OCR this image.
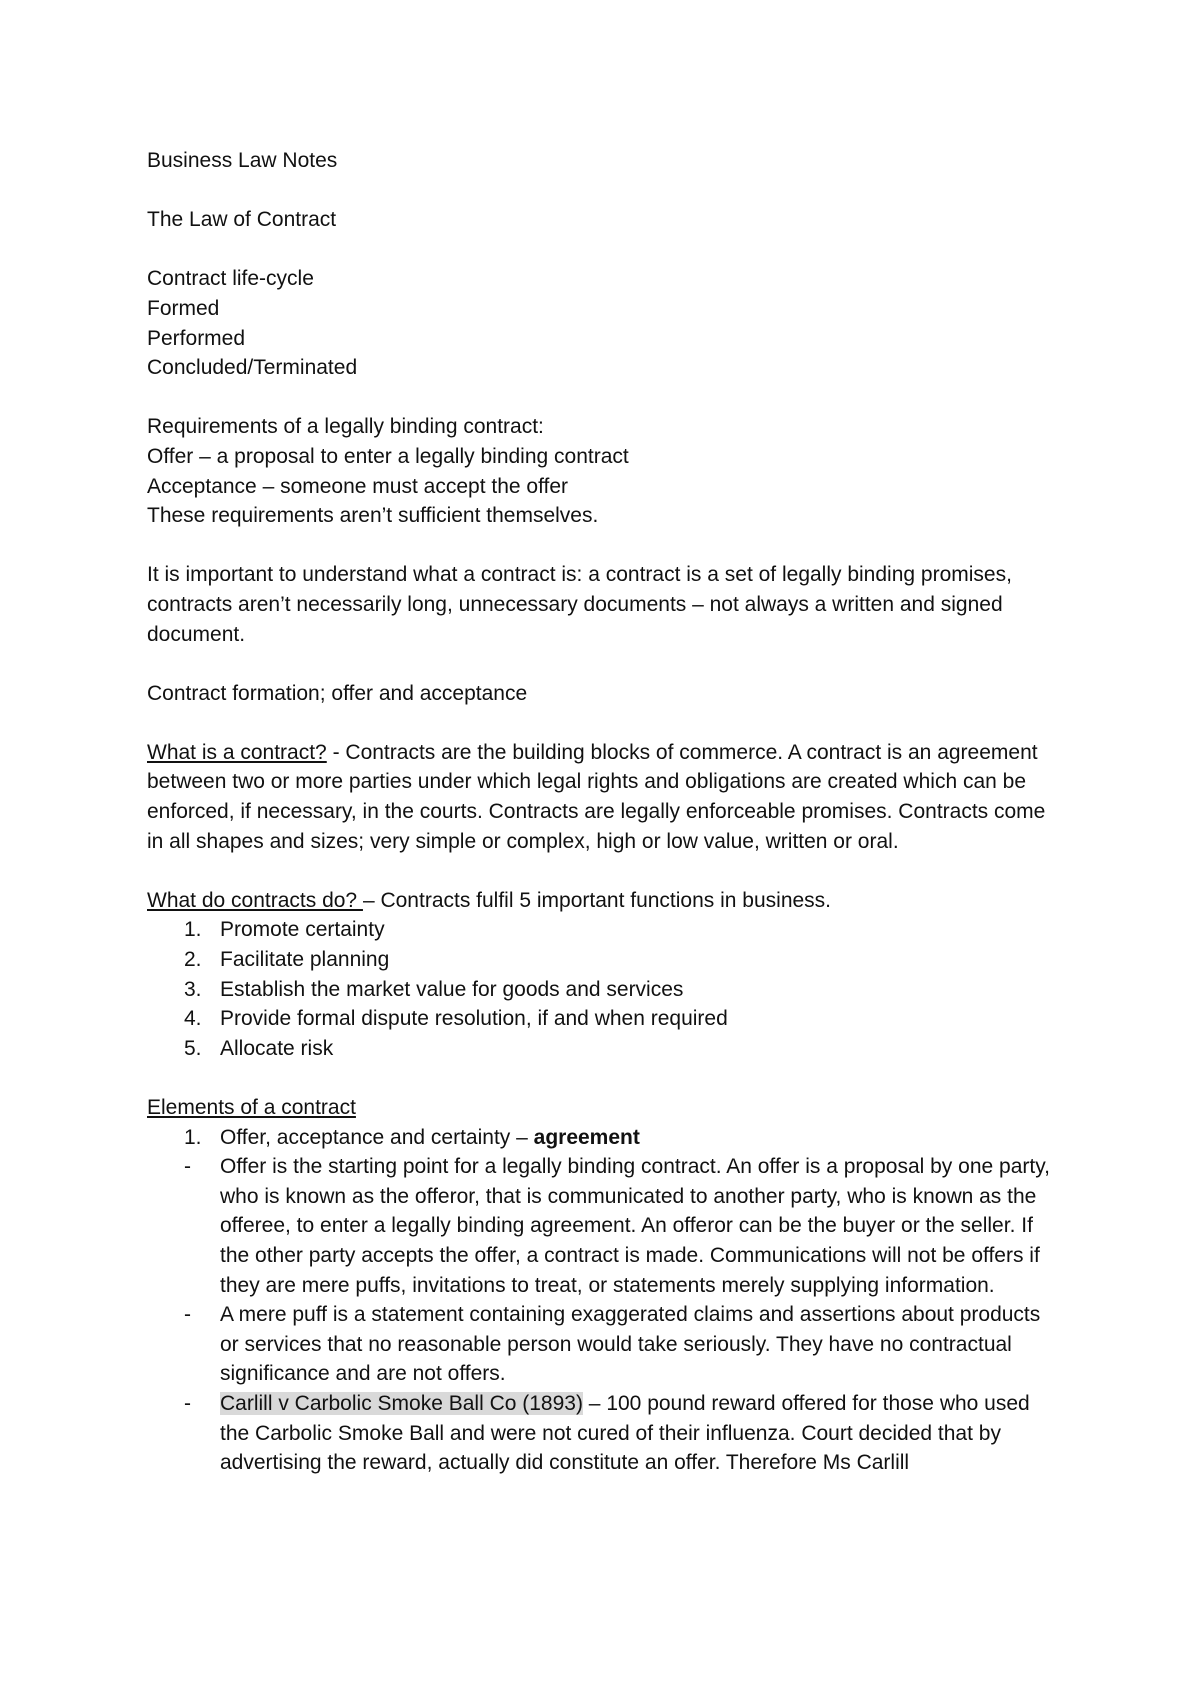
Business Law Notes

The Law of Contract

Contract life-cycle

Formed

Performed

Concluded/Terminated

Requirements of a legally binding contract:

Offer – a proposal to enter a legally binding contract

Acceptance – someone must accept the offer

These requirements aren’t sufficient themselves.

It is important to understand what a contract is: a contract is a set of legally binding promises, contracts aren’t necessarily long, unnecessary documents – not always a written and signed document.

Contract formation; offer and acceptance

What is a contract? - Contracts are the building blocks of commerce. A contract is an agreement between two or more parties under which legal rights and obligations are created which can be enforced, if necessary, in the courts. Contracts are legally enforceable promises. Contracts come in all shapes and sizes; very simple or complex, high or low value, written or oral.

What do contracts do? – Contracts fulfil 5 important functions in business.

1. Promote certainty
2. Facilitate planning
3. Establish the market value for goods and services
4. Provide formal dispute resolution, if and when required
5. Allocate risk

Elements of a contract

1. Offer, acceptance and certainty – agreement
-	Offer is the starting point for a legally binding contract. An offer is a proposal by one party, who is known as the offeror, that is communicated to another party, who is known as the offeree, to enter a legally binding agreement. An offeror can be the buyer or the seller. If the other party accepts the offer, a contract is made. Communications will not be offers if they are mere puffs, invitations to treat, or statements merely supplying information.
-	A mere puff is a statement containing exaggerated claims and assertions about products or services that no reasonable person would take seriously. They have no contractual significance and are not offers.
-	Carlill v Carbolic Smoke Ball Co (1893) – 100 pound reward offered for those who used the Carbolic Smoke Ball and were not cured of their influenza. Court decided that by advertising the reward, actually did constitute an offer. Therefore Ms Carlill
